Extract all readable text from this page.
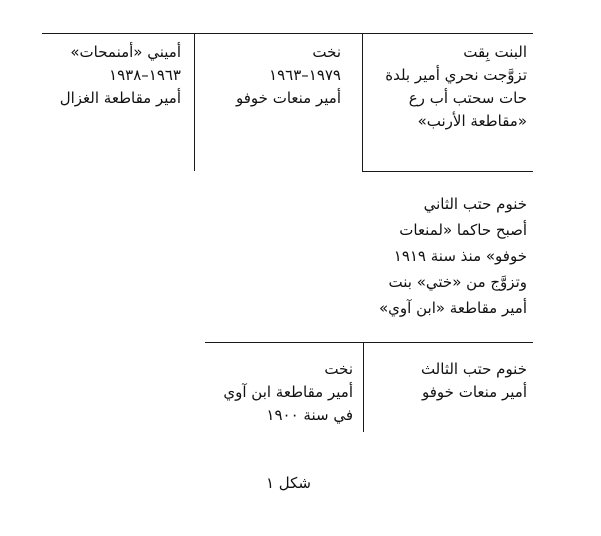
البنت بِقت
تزوَّجت نحري أمير بلدة
حات سحتب أب رع
«مقاطعة الأرنب»
نخت
١٩٧٩–١٩٦٣
أمير منعات خوفو
أميني «أمنمحات»
١٩٦٣–١٩٣٨
أمير مقاطعة الغزال
خنوم حتب الثاني
أصبح حاكما «لمنعات
خوفو» منذ سنة ١٩١٩
وتزوَّج من «ختي» بنت
أمير مقاطعة «ابن آوي»
خنوم حتب الثالث
أمير منعات خوفو
نخت
أمير مقاطعة ابن آوي
في سنة ١٩٠٠
شكل ١
